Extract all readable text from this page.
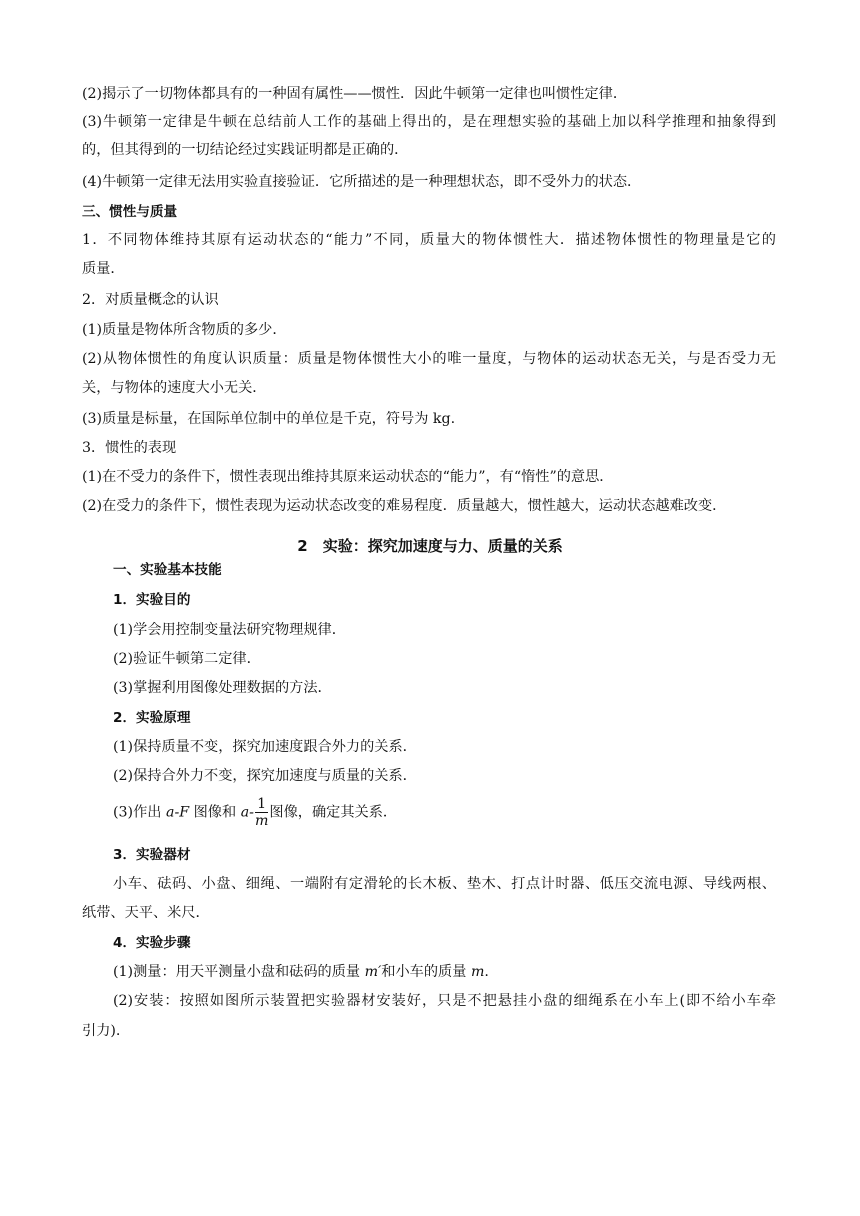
(2)揭示了一切物体都具有的一种固有属性——惯性．因此牛顿第一定律也叫惯性定律．
(3)牛顿第一定律是牛顿在总结前人工作的基础上得出的，是在理想实验的基础上加以科学推理和抽象得到
的，但其得到的一切结论经过实践证明都是正确的．
(4)牛顿第一定律无法用实验直接验证．它所描述的是一种理想状态，即不受外力的状态．
三、惯性与质量
1．不同物体维持其原有运动状态的“能力”不同，质量大的物体惯性大．描述物体惯性的物理量是它的
质量．
2．对质量概念的认识
(1)质量是物体所含物质的多少．
(2)从物体惯性的角度认识质量：质量是物体惯性大小的唯一量度，与物体的运动状态无关，与是否受力无
关，与物体的速度大小无关．
(3)质量是标量，在国际单位制中的单位是千克，符号为 kg.
3．惯性的表现
(1)在不受力的条件下，惯性表现出维持其原来运动状态的“能力”，有“惰性”的意思．
(2)在受力的条件下，惯性表现为运动状态改变的难易程度．质量越大，惯性越大，运动状态越难改变．
2　实验：探究加速度与力、质量的关系
一、实验基本技能
1．实验目的
(1)学会用控制变量法研究物理规律．
(2)验证牛顿第二定律．
(3)掌握利用图像处理数据的方法．
2．实验原理
(1)保持质量不变，探究加速度跟合外力的关系．
(2)保持合外力不变，探究加速度与质量的关系．
(3)作出 a-F 图像和 $a- \frac{1}{m}$ 图像，确定其关系．
3．实验器材
小车、砝码、小盘、细绳、一端附有定滑轮的长木板、垫木、打点计时器、低压交流电源、导线两根、
纸带、天平、米尺．
4．实验步骤
(1)测量：用天平测量小盘和砝码的质量 m′和小车的质量 m.
(2)安装：按照如图所示装置把实验器材安装好，只是不把悬挂小盘的细绳系在小车上(即不给小车牵
引力).
